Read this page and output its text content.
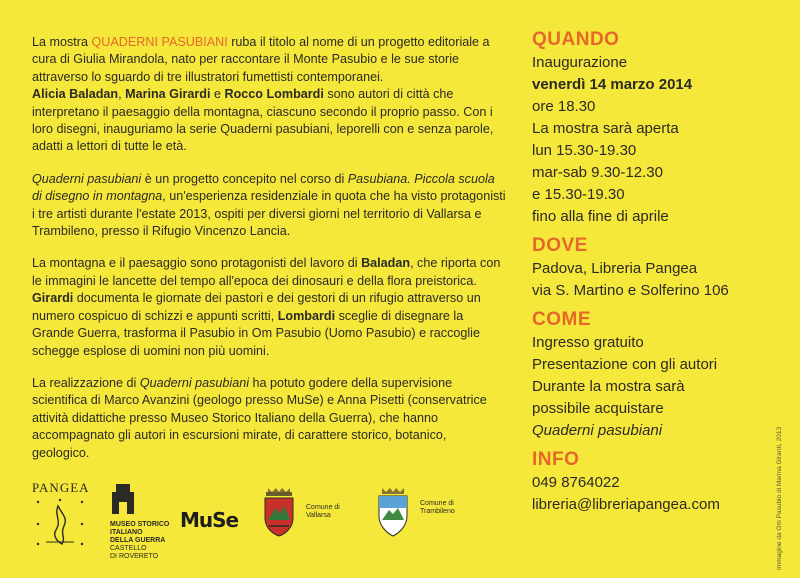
La mostra QUADERNI PASUBIANI ruba il titolo al nome di un progetto editoriale a cura di Giulia Mirandola, nato per raccontare il Monte Pasubio e le sue storie attraverso lo sguardo di tre illustratori fumettisti contemporanei.
Alicia Baladan, Marina Girardi e Rocco Lombardi sono autori di città che interpretano il paesaggio della montagna, ciascuno secondo il proprio passo. Con i loro disegni, inauguriamo la serie Quaderni pasubiani, leporelli con e senza parole, adatti a lettori di tutte le età.

Quaderni pasubiani è un progetto concepito nel corso di Pasubiana. Piccola scuola di disegno in montagna, un'esperienza residenziale in quota che ha visto protagonisti i tre artisti durante l'estate 2013, ospiti per diversi giorni nel territorio di Vallarsa e Trambileno, presso il Rifugio Vincenzo Lancia.

La montagna e il paesaggio sono protagonisti del lavoro di Baladan, che riporta con le immagini le lancette del tempo all'epoca dei dinosauri e della flora preistorica.
Girardi documenta le giornate dei pastori e dei gestori di un rifugio attraverso un numero cospicuo di schizzi e appunti scritti, Lombardi sceglie di disegnare la Grande Guerra, trasforma il Pasubio in Om Pasubio (Uomo Pasubio) e raccoglie schegge esplose di uomini non più uomini.

La realizzazione di Quaderni pasubiani ha potuto godere della supervisione scientifica di Marco Avanzini (geologo presso MuSe) e Anna Pisetti (conservatrice attività didattiche presso Museo Storico Italiano della Guerra), che hanno accompagnato gli autori in escursioni mirate, di carattere storico, botanico, geologico.

QUANDO
Inaugurazione
venerdì 14 marzo 2014
ore 18.30
La mostra sarà aperta
lun 15.30-19.30
mar-sab 9.30-12.30
e 15.30-19.30
fino alla fine di aprile
DOVE
Padova, Libreria Pangea
via S. Martino e Solferino 106
COME
Ingresso gratuito
Presentazione con gli autori
Durante la mostra sarà
possibile acquistare
Quaderni pasubiani
INFO
049 8764022
libreria@libreriapangea.com	Immagine da Om Pasubio di Marina Girardi, 2013
PANGEA
MUSEO STORICO
ITALIANO
DELLA GUERRA
CASTELLO
DI ROVERETO
MuSe
Comune di
Vallarsa
Comune di
Trambileno
